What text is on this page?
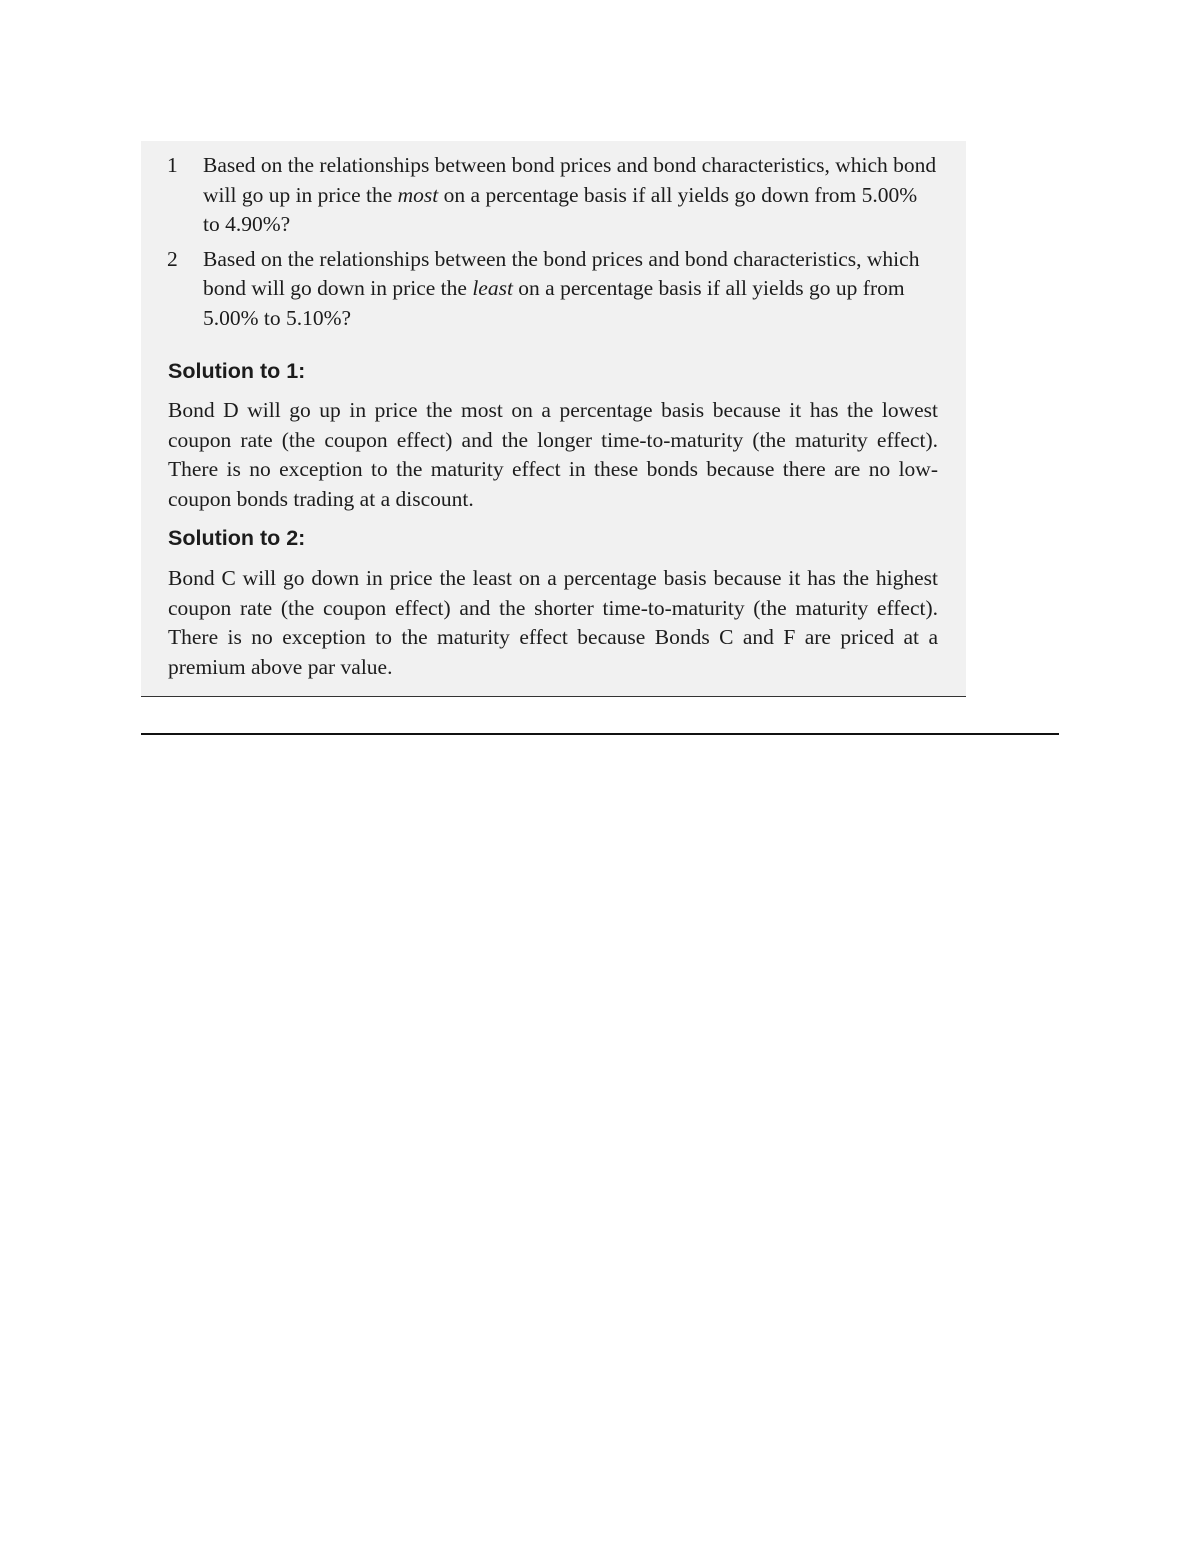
1	Based on the relationships between bond prices and bond characteristics, which bond will go up in price the most on a percentage basis if all yields go down from 5.00% to 4.90%?
2	Based on the relationships between the bond prices and bond characteristics, which bond will go down in price the least on a percentage basis if all yields go up from 5.00% to 5.10%?
Solution to 1:

Bond D will go up in price the most on a percentage basis because it has the lowest coupon rate (the coupon effect) and the longer time-to-maturity (the maturity effect). There is no exception to the maturity effect in these bonds because there are no low-coupon bonds trading at a discount.

Solution to 2:

Bond C will go down in price the least on a percentage basis because it has the highest coupon rate (the coupon effect) and the shorter time-to-maturity (the maturity effect). There is no exception to the maturity effect because Bonds C and F are priced at a premium above par value.
